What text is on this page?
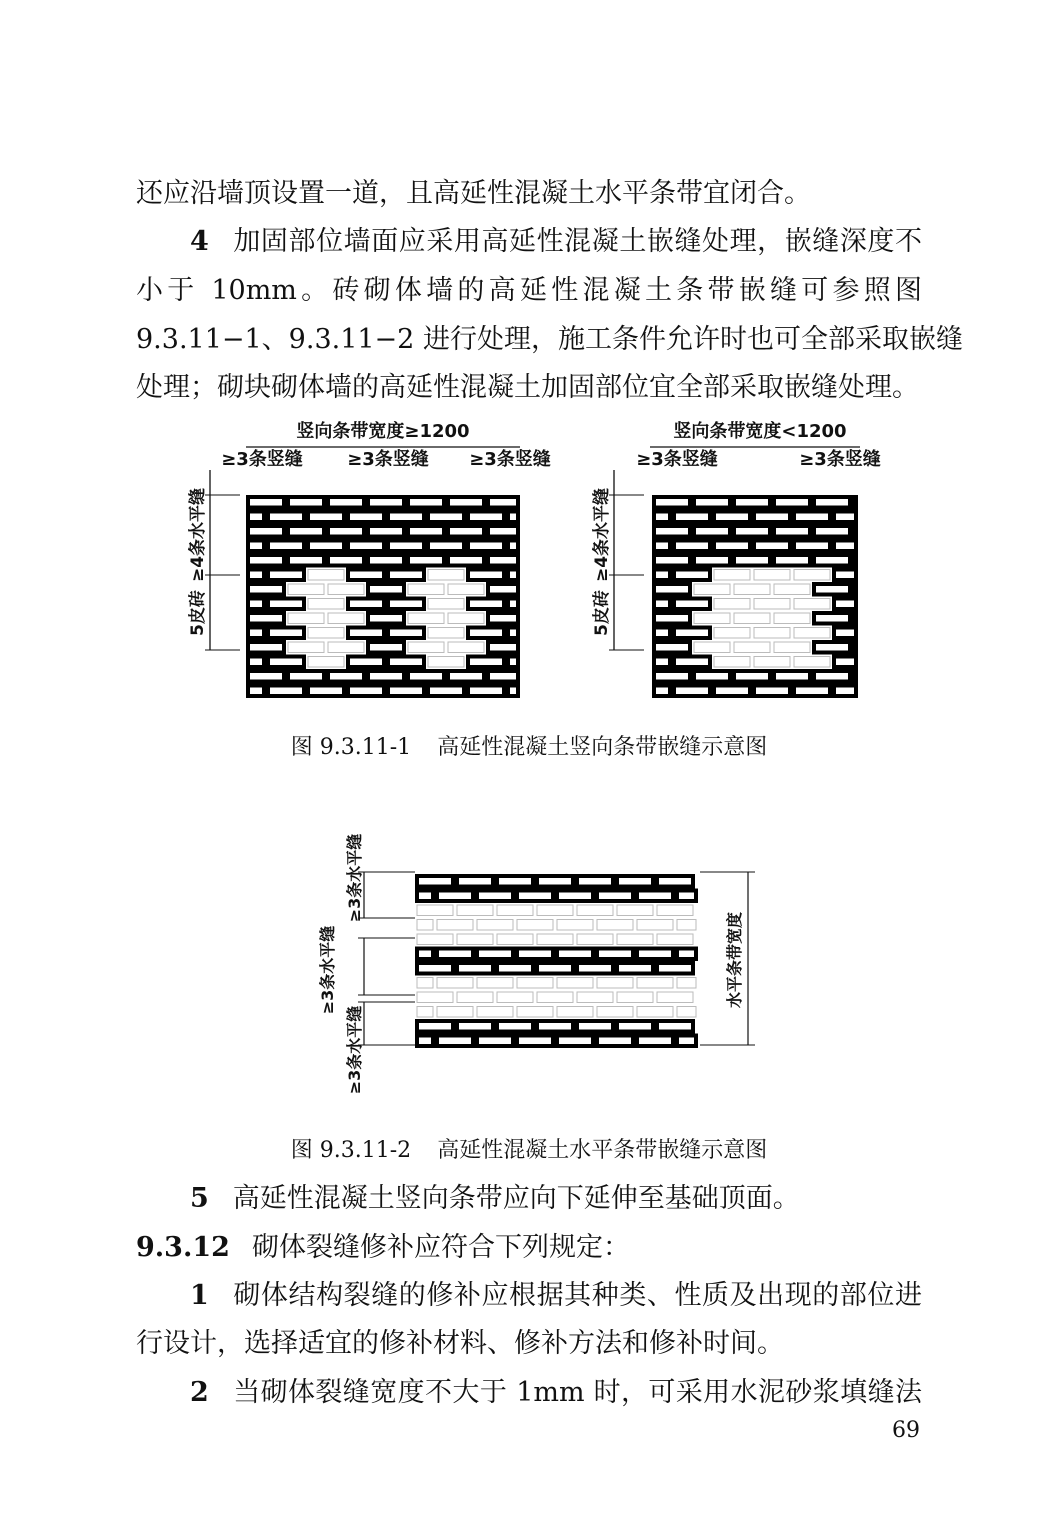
还应沿墙顶设置一道，且高延性混凝土水平条带宜闭合。

4 加固部位墙面应采用高延性混凝土嵌缝处理，嵌缝深度不

小于 10mm。砖砌体墙的高延性混凝土条带嵌缝可参照图

9.3.11−1、9.3.11−2 进行处理，施工条件允许时也可全部采取嵌缝

处理；砌块砌体墙的高延性混凝土加固部位宜全部采取嵌缝处理。

竖向条带宽度≥1200
≥3条竖缝 ≥3条竖缝 ≥3条竖缝
≥4条水平缝
5皮砖
竖向条带宽度<1200
≥3条竖缝	≥3条竖缝
≥4条水平缝
5皮砖

图 9.3.11-1 高延性混凝土竖向条带嵌缝示意图

≥3条水平缝
≥3条水平缝
≥3条水平缝
水平条带宽度

图 9.3.11-2 高延性混凝土水平条带嵌缝示意图

5 高延性混凝土竖向条带应向下延伸至基础顶面。

9.3.12 砌体裂缝修补应符合下列规定：

1 砌体结构裂缝的修补应根据其种类、性质及出现的部位进

行设计，选择适宜的修补材料、修补方法和修补时间。

2 当砌体裂缝宽度不大于 1mm 时，可采用水泥砂浆填缝法

69
